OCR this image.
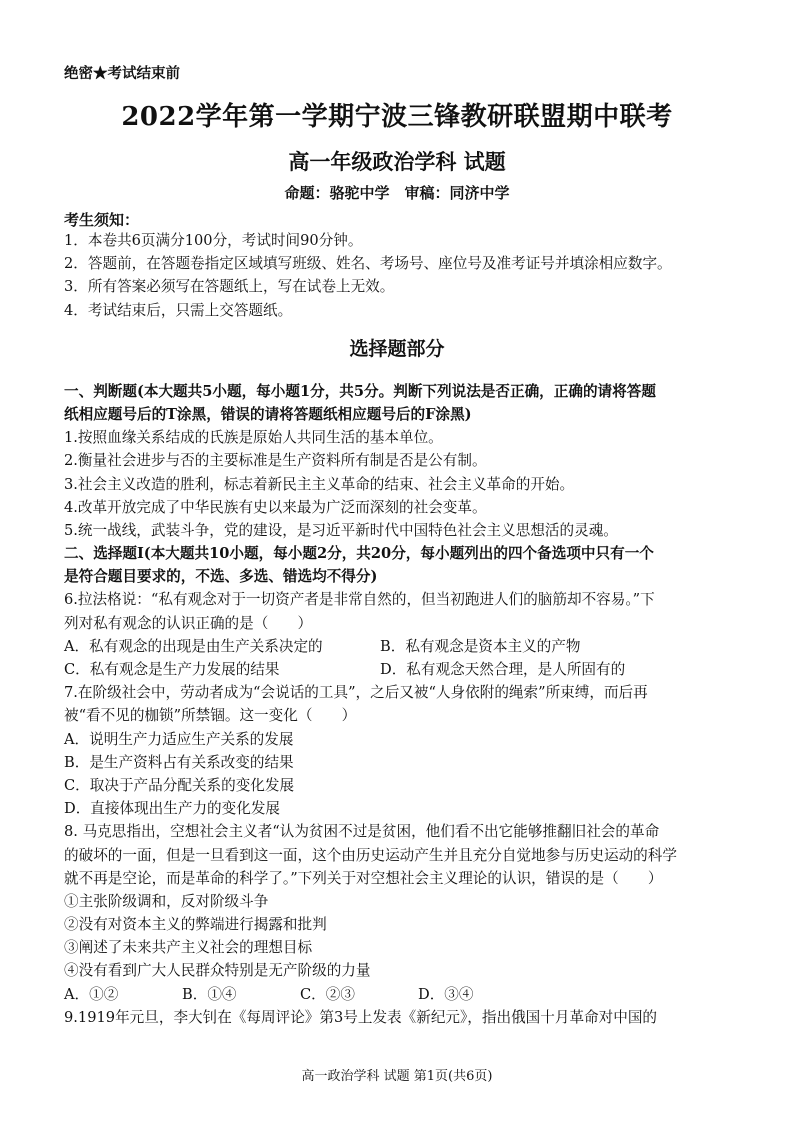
绝密★考试结束前
2022学年第一学期宁波三锋教研联盟期中联考
高一年级政治学科 试题
命题：骆驼中学　审稿：同济中学
考生须知：
1．本卷共6页满分100分，考试时间90分钟。
2．答题前，在答题卷指定区域填写班级、姓名、考场号、座位号及准考证号并填涂相应数字。
3．所有答案必须写在答题纸上，写在试卷上无效。
4．考试结束后，只需上交答题纸。
一、判断题(本大题共5小题，每小题1分，共5分。判断下列说法是否正确，正确的请将答题
纸相应题号后的T涂黑，错误的请将答题纸相应题号后的F涂黑)
1.按照血缘关系结成的氏族是原始人共同生活的基本单位。
2.衡量社会进步与否的主要标准是生产资料所有制是否是公有制。
3.社会主义改造的胜利，标志着新民主主义革命的结束、社会主义革命的开始。
4.改革开放完成了中华民族有史以来最为广泛而深刻的社会变革。
5.统一战线，武装斗争，党的建设，是习近平新时代中国特色社会主义思想活的灵魂。
二、选择题Ⅰ(本大题共10小题，每小题2分，共20分，每小题列出的四个备选项中只有一个
是符合题目要求的，不选、多选、错选均不得分)
6.拉法格说：“私有观念对于一切资产者是非常自然的，但当初跑进人们的脑筋却不容易。”下
列对私有观念的认识正确的是（　　）
A．私有观念的出现是由生产关系决定的	B．私有观念是资本主义的产物
C．私有观念是生产力发展的结果	D．私有观念天然合理，是人所固有的
7.在阶级社会中，劳动者成为“会说话的工具”，之后又被“人身依附的绳索”所束缚，而后再
被“看不见的枷锁”所禁锢。这一变化（　　）
A．说明生产力适应生产关系的发展
B．是生产资料占有关系改变的结果
C．取决于产品分配关系的变化发展
D．直接体现出生产力的变化发展
8. 马克思指出，空想社会主义者“认为贫困不过是贫困，他们看不出它能够推翻旧社会的革命
的破坏的一面，但是一旦看到这一面，这个由历史运动产生并且充分自觉地参与历史运动的科学
就不再是空论，而是革命的科学了。”下列关于对空想社会主义理论的认识，错误的是（　　）
①主张阶级调和，反对阶级斗争
②没有对资本主义的弊端进行揭露和批判
③阐述了未来共产主义社会的理想目标
④没有看到广大人民群众特别是无产阶级的力量
A．①②	B．①④	C．②③	D．③④
9.1919年元旦，李大钊在《每周评论》第3号上发表《新纪元》，指出俄国十月革命对中国的
选择题部分
高一政治学科 试题 第1页(共6页)
